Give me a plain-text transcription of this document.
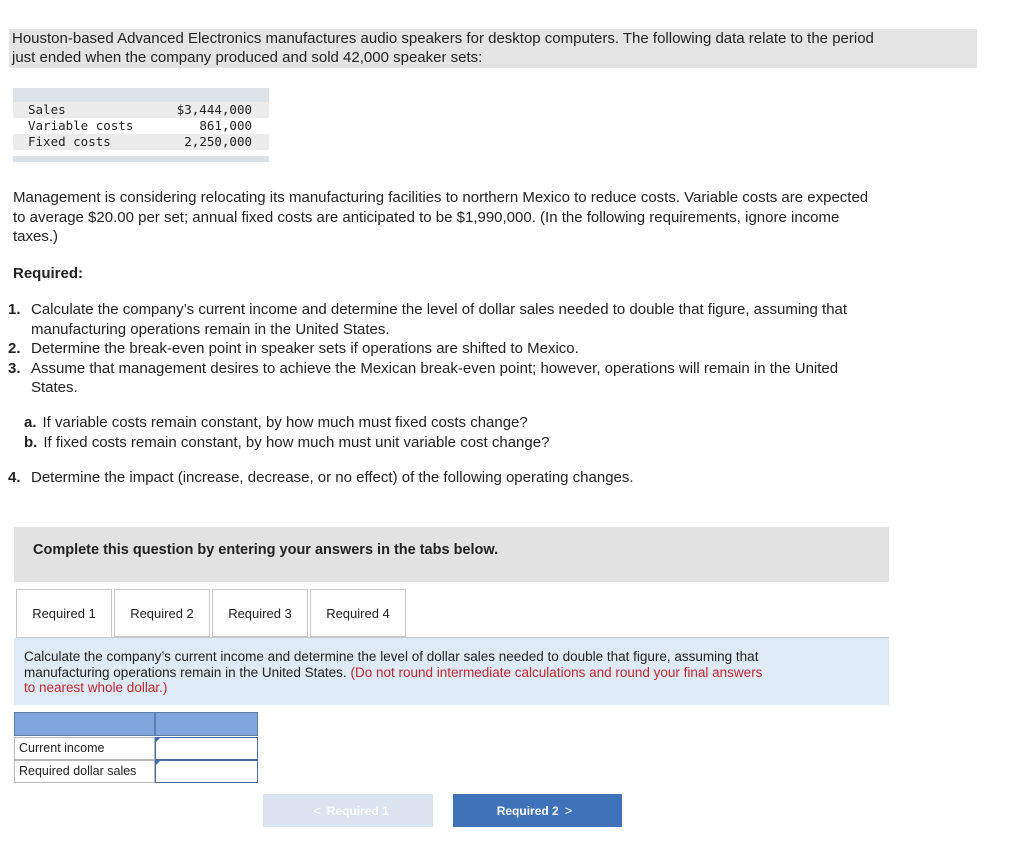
Houston-based Advanced Electronics manufactures audio speakers for desktop computers. The following data relate to the period
just ended when the company produced and sold 42,000 speaker sets:
Sales	$3,444,000
Variable costs	861,000
Fixed costs	2,250,000
Management is considering relocating its manufacturing facilities to northern Mexico to reduce costs. Variable costs are expected
to average $20.00 per set; annual fixed costs are anticipated to be $1,990,000. (In the following requirements, ignore income
taxes.)
Required:
1. Calculate the company’s current income and determine the level of dollar sales needed to double that figure, assuming that
manufacturing operations remain in the United States.
2. Determine the break-even point in speaker sets if operations are shifted to Mexico.
3. Assume that management desires to achieve the Mexican break-even point; however, operations will remain in the United
States.
a. If variable costs remain constant, by how much must fixed costs change?
b. If fixed costs remain constant, by how much must unit variable cost change?
4. Determine the impact (increase, decrease, or no effect) of the following operating changes.
Complete this question by entering your answers in the tabs below.
Required 1	Required 2	Required 3	Required 4
Calculate the company’s current income and determine the level of dollar sales needed to double that figure, assuming that
manufacturing operations remain in the United States. (Do not round intermediate calculations and round your final answers
to nearest whole dollar.)
Current income
Required dollar sales
< Required 1	Required 2 >
